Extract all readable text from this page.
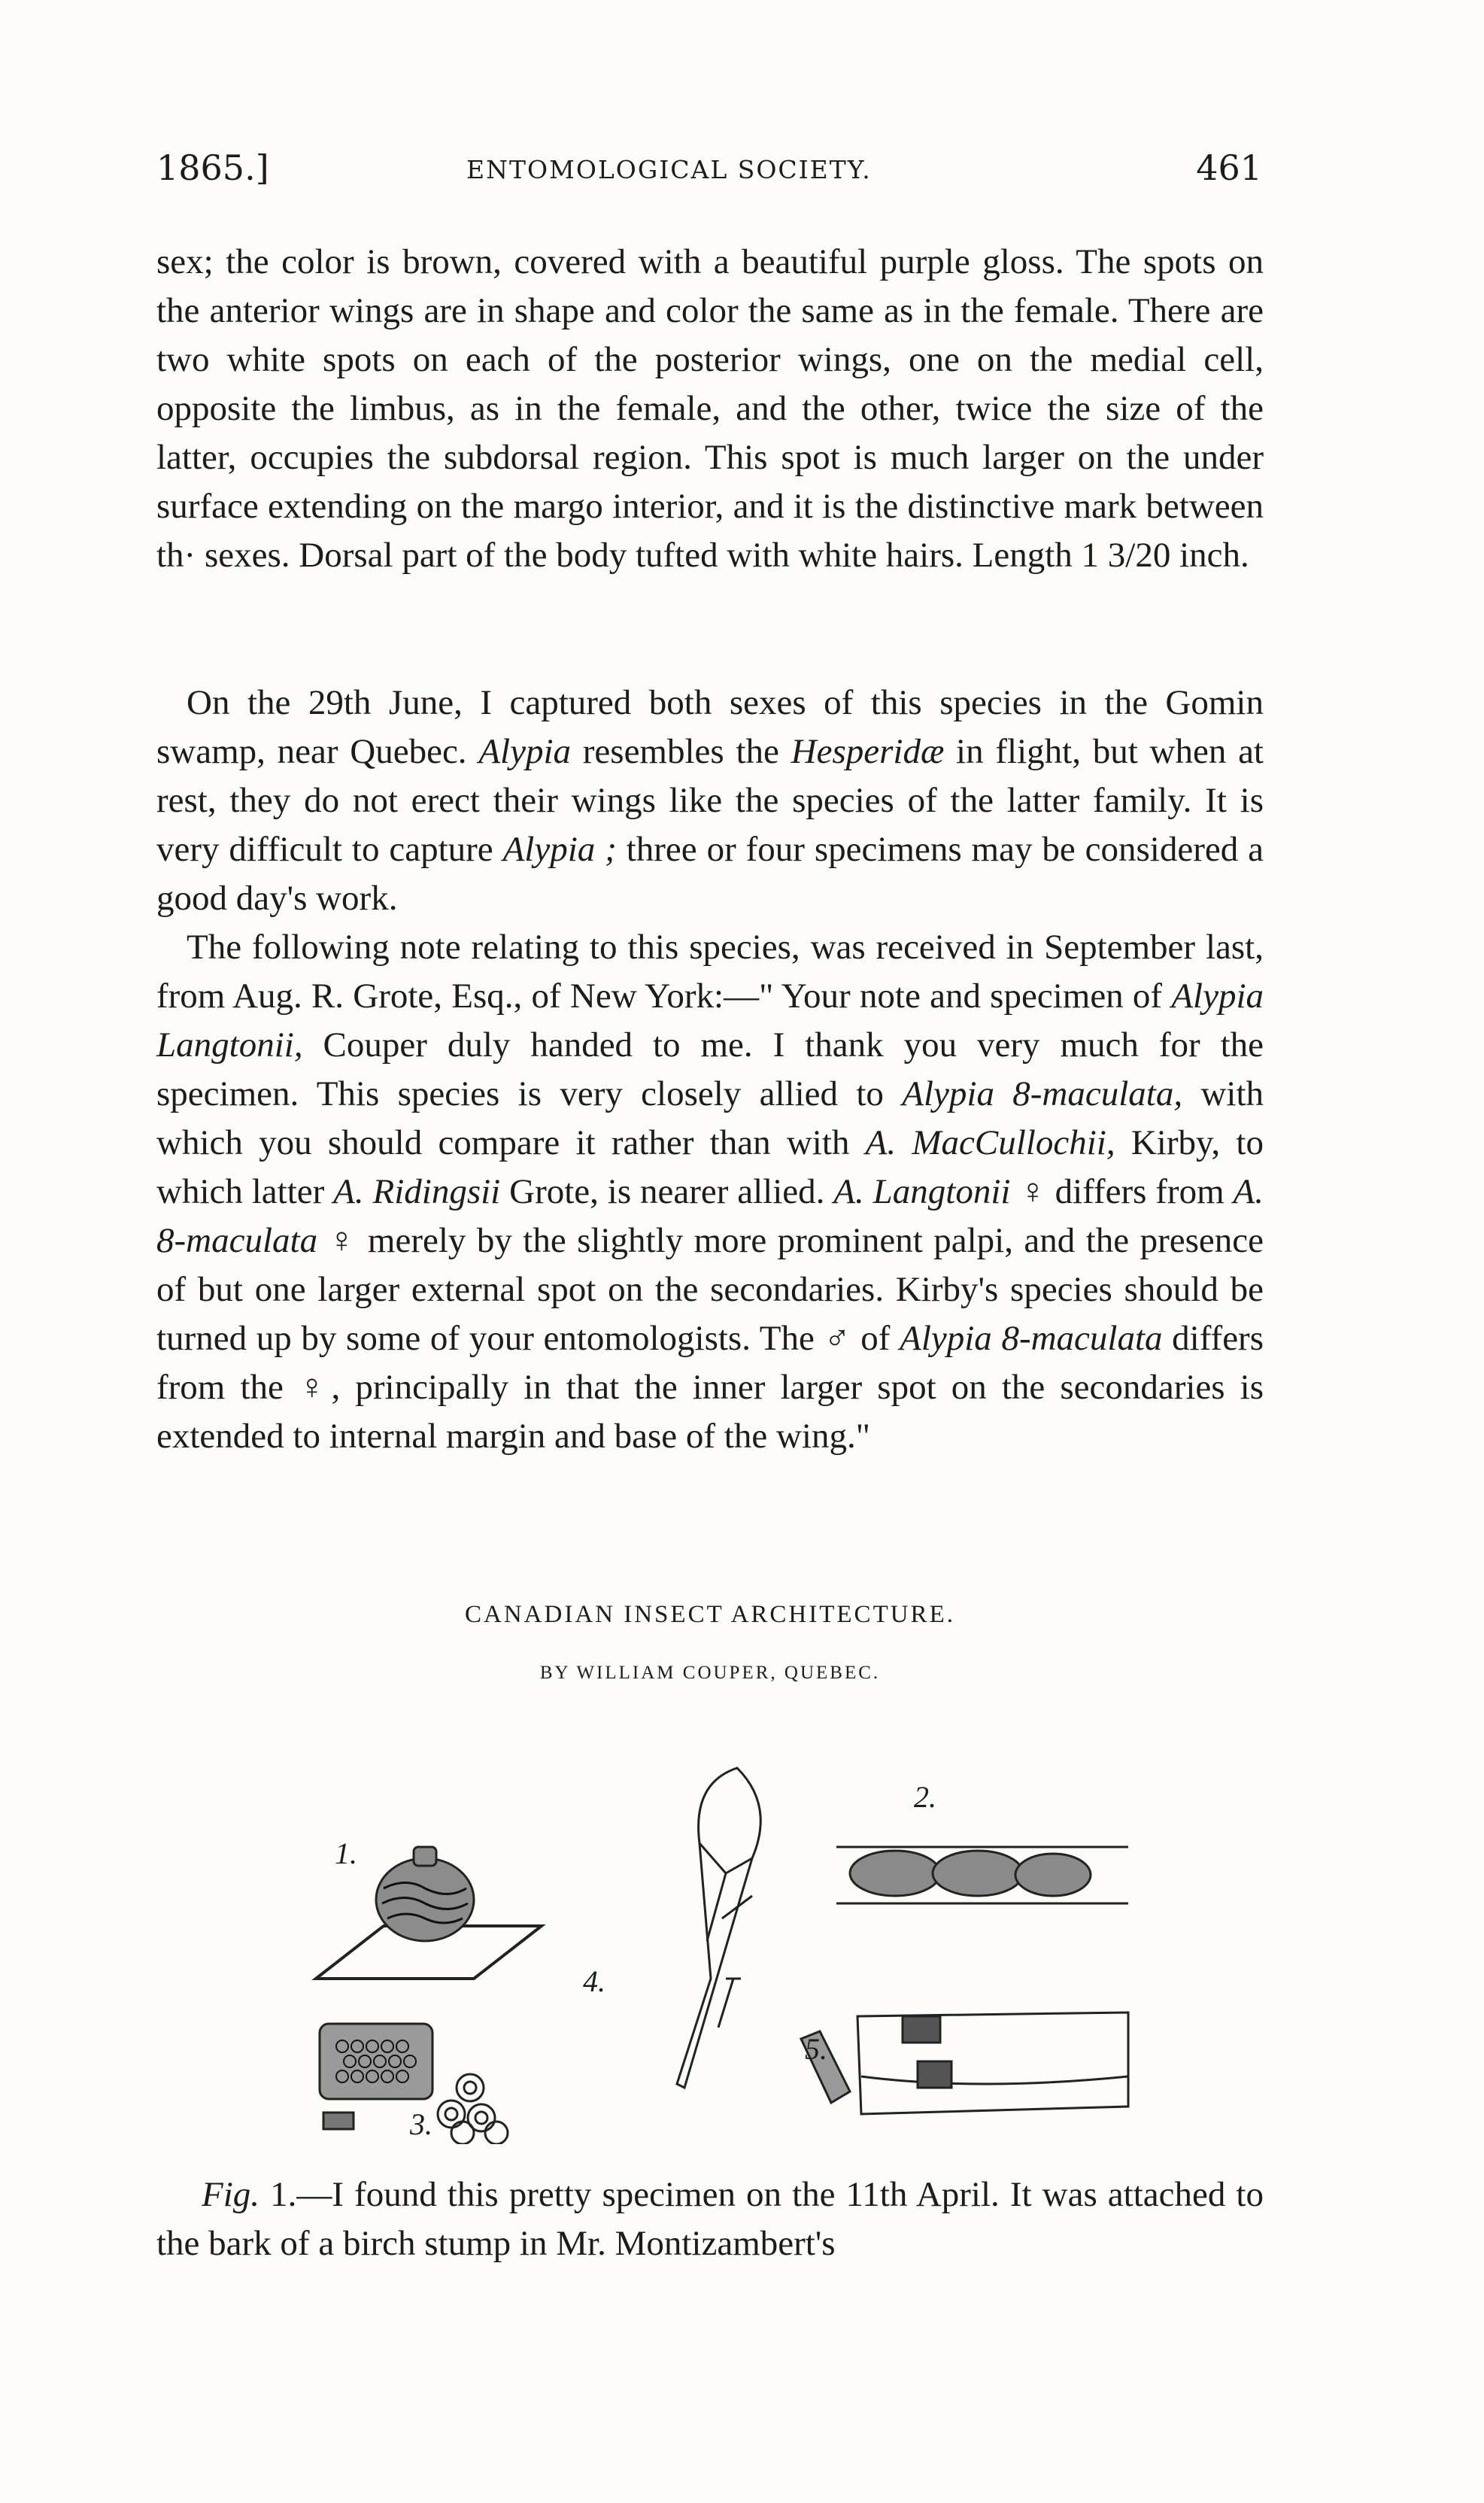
1865.]	ENTOMOLOGICAL SOCIETY.	461

sex; the color is brown, covered with a beautiful purple gloss. The spots on the anterior wings are in shape and color the same as in the female. There are two white spots on each of the posterior wings, one on the medial cell, opposite the limbus, as in the female, and the other, twice the size of the latter, occupies the subdorsal region. This spot is much larger on the under surface extending on the margo interior, and it is the distinctive mark between th· sexes. Dorsal part of the body tufted with white hairs. Length 1 3/20 inch.

On the 29th June, I captured both sexes of this species in the Gomin swamp, near Quebec. Alypia resembles the Hesperidæ in flight, but when at rest, they do not erect their wings like the species of the latter family. It is very difficult to capture Alypia ; three or four specimens may be considered a good day's work.

The following note relating to this species, was received in September last, from Aug. R. Grote, Esq., of New York:—" Your note and specimen of Alypia Langtonii, Couper duly handed to me. I thank you very much for the specimen. This species is very closely allied to Alypia 8-maculata, with which you should compare it rather than with A. MacCullochii, Kirby, to which latter A. Ridingsii Grote, is nearer allied. A. Langtonii ♀ differs from A. 8-maculata ♀ merely by the slightly more prominent palpi, and the presence of but one larger external spot on the secondaries. Kirby's species should be turned up by some of your entomologists. The ♂ of Alypia 8-maculata differs from the ♀, principally in that the inner larger spot on the secondaries is extended to internal margin and base of the wing."

CANADIAN INSECT ARCHITECTURE.
BY WILLIAM COUPER, QUEBEC.
1.
2.
3.
4.
5.

Fig. 1.—I found this pretty specimen on the 11th April. It was attached to the bark of a birch stump in Mr. Montizambert's
